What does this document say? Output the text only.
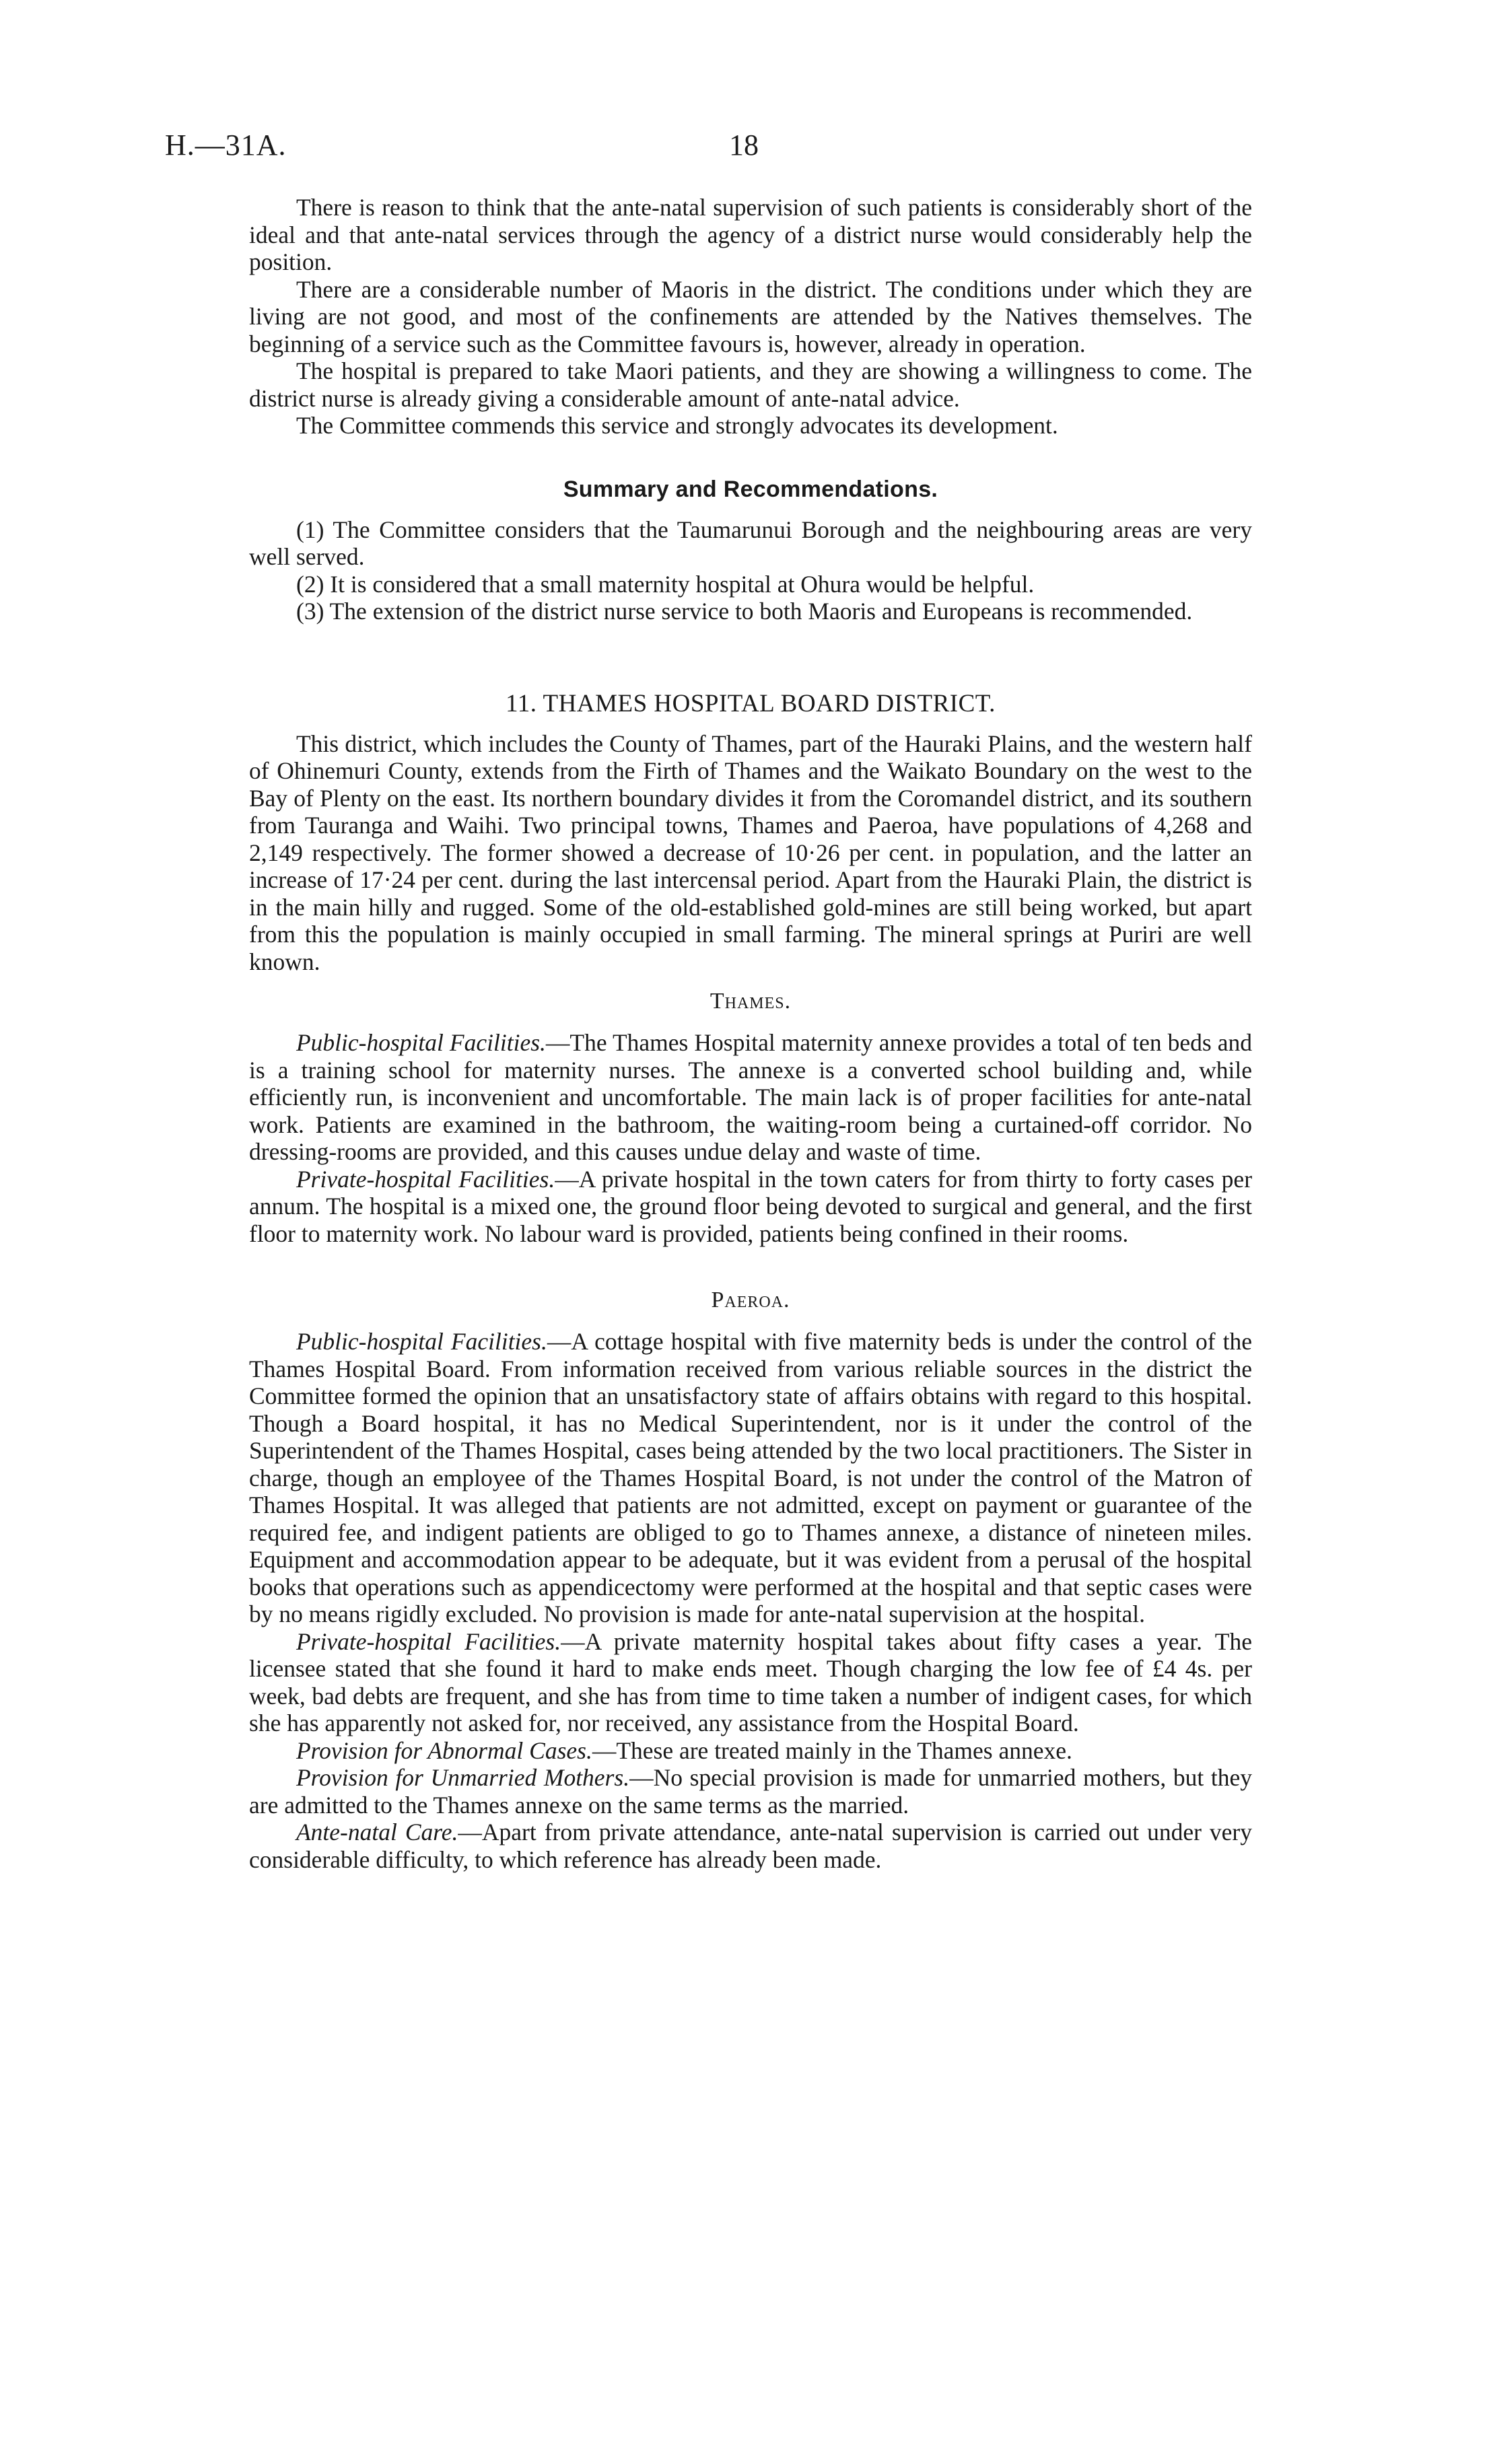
H.—31A.	18

There is reason to think that the ante-natal supervision of such patients is considerably short of the ideal and that ante-natal services through the agency of a district nurse would considerably help the position.

There are a considerable number of Maoris in the district. The conditions under which they are living are not good, and most of the confinements are attended by the Natives themselves. The beginning of a service such as the Committee favours is, however, already in operation.

The hospital is prepared to take Maori patients, and they are showing a willingness to come. The district nurse is already giving a considerable amount of ante-natal advice.

The Committee commends this service and strongly advocates its development.

Summary and Recommendations.

(1) The Committee considers that the Taumarunui Borough and the neighbouring areas are very well served.

(2) It is considered that a small maternity hospital at Ohura would be helpful.

(3) The extension of the district nurse service to both Maoris and Europeans is recommended.

11. THAMES HOSPITAL BOARD DISTRICT.

This district, which includes the County of Thames, part of the Hauraki Plains, and the western half of Ohinemuri County, extends from the Firth of Thames and the Waikato Boundary on the west to the Bay of Plenty on the east. Its northern boundary divides it from the Coromandel district, and its southern from Tauranga and Waihi. Two principal towns, Thames and Paeroa, have populations of 4,268 and 2,149 respectively. The former showed a decrease of 10·26 per cent. in population, and the latter an increase of 17·24 per cent. during the last intercensal period. Apart from the Hauraki Plain, the district is in the main hilly and rugged. Some of the old-established gold-mines are still being worked, but apart from this the population is mainly occupied in small farming. The mineral springs at Puriri are well known.

Thames.

Public-hospital Facilities.—The Thames Hospital maternity annexe provides a total of ten beds and is a training school for maternity nurses. The annexe is a converted school building and, while efficiently run, is inconvenient and uncomfortable. The main lack is of proper facilities for ante-natal work. Patients are examined in the bathroom, the waiting-room being a curtained-off corridor. No dressing-rooms are provided, and this causes undue delay and waste of time.

Private-hospital Facilities.—A private hospital in the town caters for from thirty to forty cases per annum. The hospital is a mixed one, the ground floor being devoted to surgical and general, and the first floor to maternity work. No labour ward is provided, patients being confined in their rooms.

Paeroa.

Public-hospital Facilities.—A cottage hospital with five maternity beds is under the control of the Thames Hospital Board. From information received from various reliable sources in the district the Committee formed the opinion that an unsatisfactory state of affairs obtains with regard to this hospital. Though a Board hospital, it has no Medical Superintendent, nor is it under the control of the Superintendent of the Thames Hospital, cases being attended by the two local practitioners. The Sister in charge, though an employee of the Thames Hospital Board, is not under the control of the Matron of Thames Hospital. It was alleged that patients are not admitted, except on payment or guarantee of the required fee, and indigent patients are obliged to go to Thames annexe, a distance of nineteen miles. Equipment and accommodation appear to be adequate, but it was evident from a perusal of the hospital books that operations such as appendicectomy were performed at the hospital and that septic cases were by no means rigidly excluded. No provision is made for ante-natal supervision at the hospital.

Private-hospital Facilities.—A private maternity hospital takes about fifty cases a year. The licensee stated that she found it hard to make ends meet. Though charging the low fee of £4 4s. per week, bad debts are frequent, and she has from time to time taken a number of indigent cases, for which she has apparently not asked for, nor received, any assistance from the Hospital Board.

Provision for Abnormal Cases.—These are treated mainly in the Thames annexe.

Provision for Unmarried Mothers.—No special provision is made for unmarried mothers, but they are admitted to the Thames annexe on the same terms as the married.

Ante-natal Care.—Apart from private attendance, ante-natal supervision is carried out under very considerable difficulty, to which reference has already been made.
